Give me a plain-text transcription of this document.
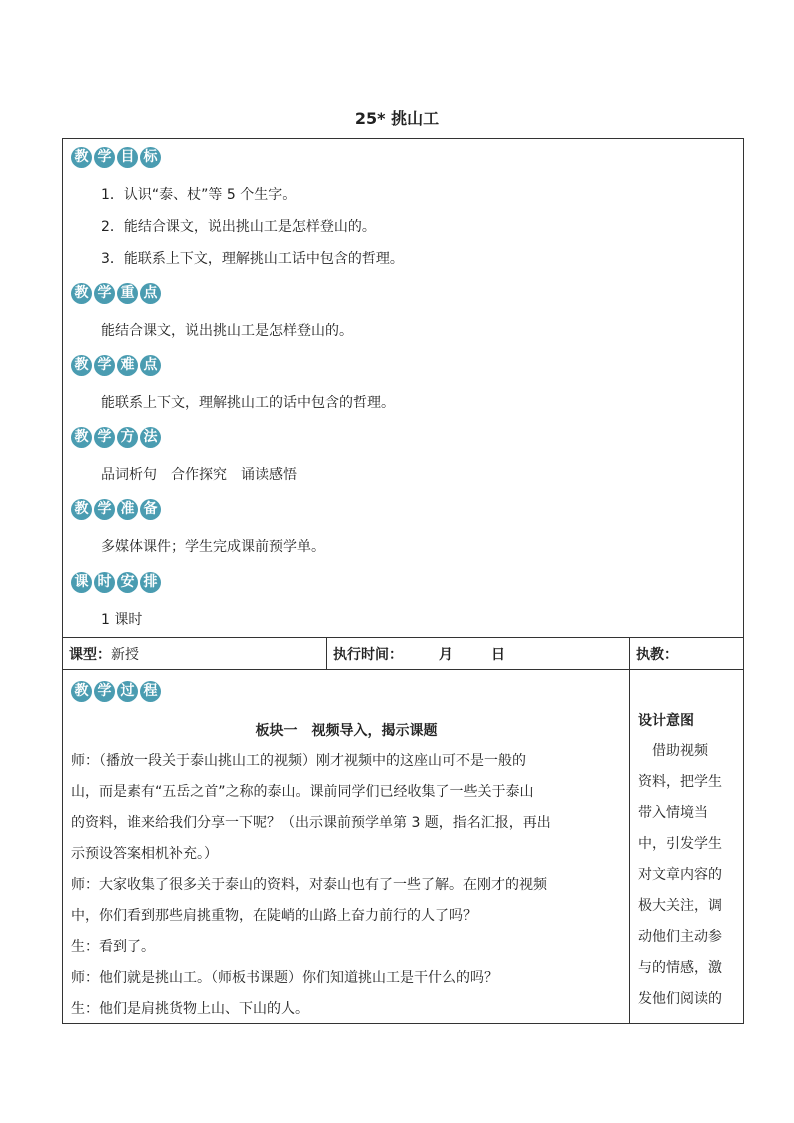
25* 挑山工
教 学 目 标
1．认识“泰、杖”等 5 个生字。
2．能结合课文，说出挑山工是怎样登山的。
3．能联系上下文，理解挑山工话中包含的哲理。
教 学 重 点
能结合课文，说出挑山工是怎样登山的。
教 学 难 点
能联系上下文，理解挑山工的话中包含的哲理。
教 学 方 法
品词析句　合作探究　诵读感悟
教 学 准 备
多媒体课件；学生完成课前预学单。
课 时 安 排
1 课时
课型： 新授	执行时间：	月	日	执教：
教 学 过 程
板块一　视频导入，揭示课题
师：（播放一段关于泰山挑山工的视频）刚才视频中的这座山可不是一般的
山，而是素有“五岳之首”之称的泰山。课前同学们已经收集了一些关于泰山
的资料，谁来给我们分享一下呢？（出示课前预学单第 3 题，指名汇报，再出
示预设答案相机补充。）
师：大家收集了很多关于泰山的资料，对泰山也有了一些了解。在刚才的视频
中，你们看到那些肩挑重物，在陡峭的山路上奋力前行的人了吗？
生：看到了。
师：他们就是挑山工。（师板书课题）你们知道挑山工是干什么的吗？
生：他们是肩挑货物上山、下山的人。
设计意图
　借助视频
资料，把学生
带入情境当
中，引发学生
对文章内容的
极大关注，调
动他们主动参
与的情感，激
发他们阅读的
